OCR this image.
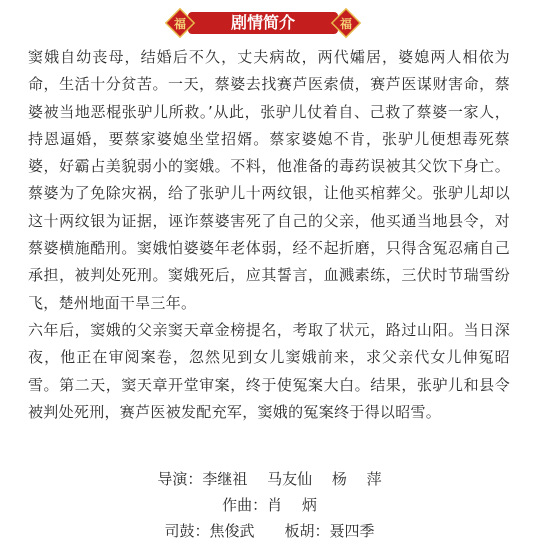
福	剧情简介	福

窦娥自幼丧母，结婚后不久，丈夫病故，两代孀居，婆媳两人相依为命，生活十分贫苦。一天，蔡婆去找赛芦医索债，赛芦医谋财害命，蔡婆被当地恶棍张驴儿所救。’从此，张驴儿仗着自、己救了蔡婆一家人，持恩逼婚，要蔡家婆媳坐堂招婿。蔡家婆媳不肯，张驴儿便想毒死蔡婆，好霸占美貌弱小的窦娥。不料，他准备的毒药误被其父饮下身亡。蔡婆为了免除灾祸，给了张驴儿十两纹银，让他买棺葬父。张驴儿却以这十两纹银为证据，诬诈蔡婆害死了自己的父亲，他买通当地县令，对蔡婆横施酷刑。窦娥怕婆婆年老体弱，经不起折磨，只得含冤忍痛自己承担，被判处死刑。窦娥死后，应其誓言，血溅素练，三伏时节瑞雪纷飞，楚州地面干旱三年。

六年后，窦娥的父亲窦天章金榜提名，考取了状元，路过山阳。当日深夜，他正在审阅案卷，忽然见到女儿窦娥前来，求父亲代女儿伸冤昭雪。第二天，窦天章开堂审案，终于使冤案大白。结果，张驴儿和县令被判处死刑，赛芦医被发配充军，窦娥的冤案终于得以昭雪。

导演：李继祖　 马友仙　 杨　 萍
作曲：肖　 炳
司鼓：焦俊武　　板胡：聂四季
